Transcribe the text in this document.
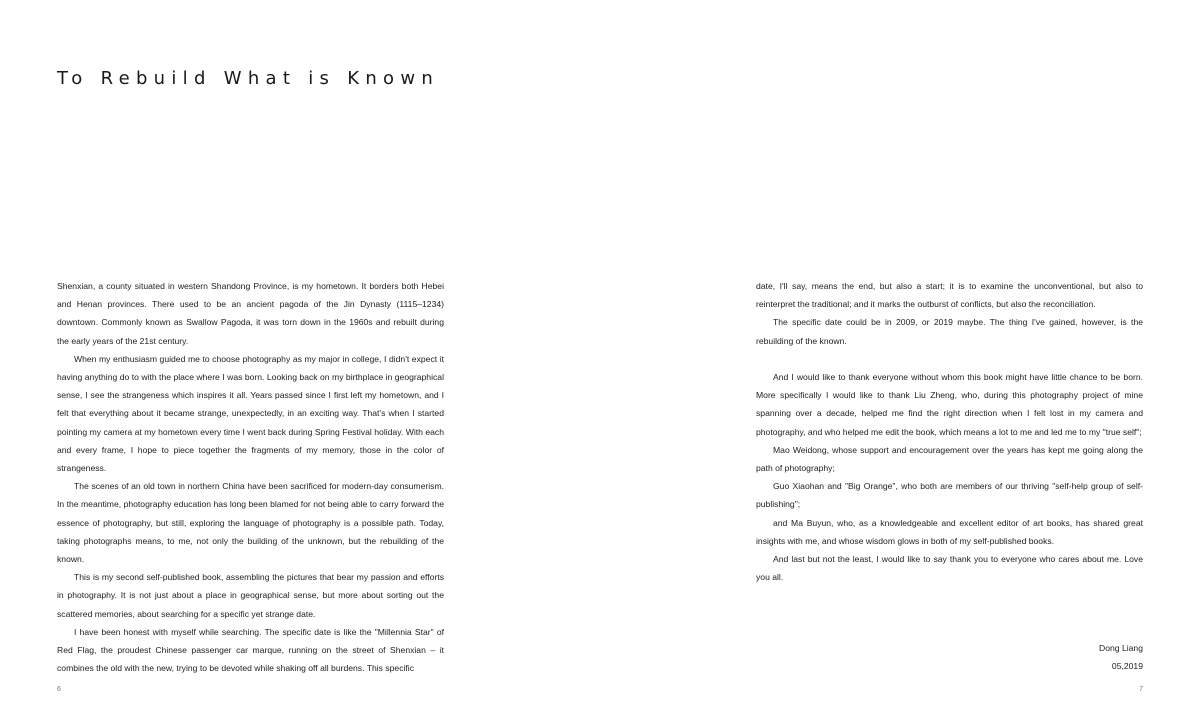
To Rebuild What is Known

Shenxian, a county situated in western Shandong Province, is my hometown. It borders both Hebei and Henan provinces. There used to be an ancient pagoda of the Jin Dynasty (1115–1234) downtown. Commonly known as Swallow Pagoda, it was torn down in the 1960s and rebuilt during the early years of the 21st century.

When my enthusiasm guided me to choose photography as my major in college, I didn't expect it having anything do to with the place where I was born. Looking back on my birthplace in geographical sense, I see the strangeness which inspires it all. Years passed since I first left my hometown, and I felt that everything about it became strange, unexpectedly, in an exciting way. That's when I started pointing my camera at my hometown every time I went back during Spring Festival holiday. With each and every frame, I hope to piece together the fragments of my memory, those in the color of strangeness.

The scenes of an old town in northern China have been sacrificed for modern-day consumerism. In the meantime, photography education has long been blamed for not being able to carry forward the essence of photography, but still, exploring the language of photography is a possible path. Today, taking photographs means, to me, not only the building of the unknown, but the rebuilding of the known.

This is my second self-published book, assembling the pictures that bear my passion and efforts in photography. It is not just about a place in geographical sense, but more about sorting out the scattered memories, about searching for a specific yet strange date.

I have been honest with myself while searching. The specific date is like the "Millennia Star" of Red Flag, the proudest Chinese passenger car marque, running on the street of Shenxian – it combines the old with the new, trying to be devoted while shaking off all burdens. This specific

6

date, I'll say, means the end, but also a start; it is to examine the unconventional, but also to reinterpret the traditional; and it marks the outburst of conflicts, but also the reconciliation.

The specific date could be in 2009, or 2019 maybe. The thing I've gained, however, is the rebuilding of the known.

And I would like to thank everyone without whom this book might have little chance to be born. More specifically I would like to thank Liu Zheng, who, during this photography project of mine spanning over a decade, helped me find the right direction when I felt lost in my camera and photography, and who helped me edit the book, which means a lot to me and led me to my "true self";

Mao Weidong, whose support and encouragement over the years has kept me going along the path of photography;

Guo Xiaohan and "Big Orange", who both are members of our thriving "self-help group of self-publishing";

and Ma Buyun, who, as a knowledgeable and excellent editor of art books, has shared great insights with me, and whose wisdom glows in both of my self-published books.

And last but not the least, I would like to say thank you to everyone who cares about me. Love you all.

Dong Liang
05,2019
7
